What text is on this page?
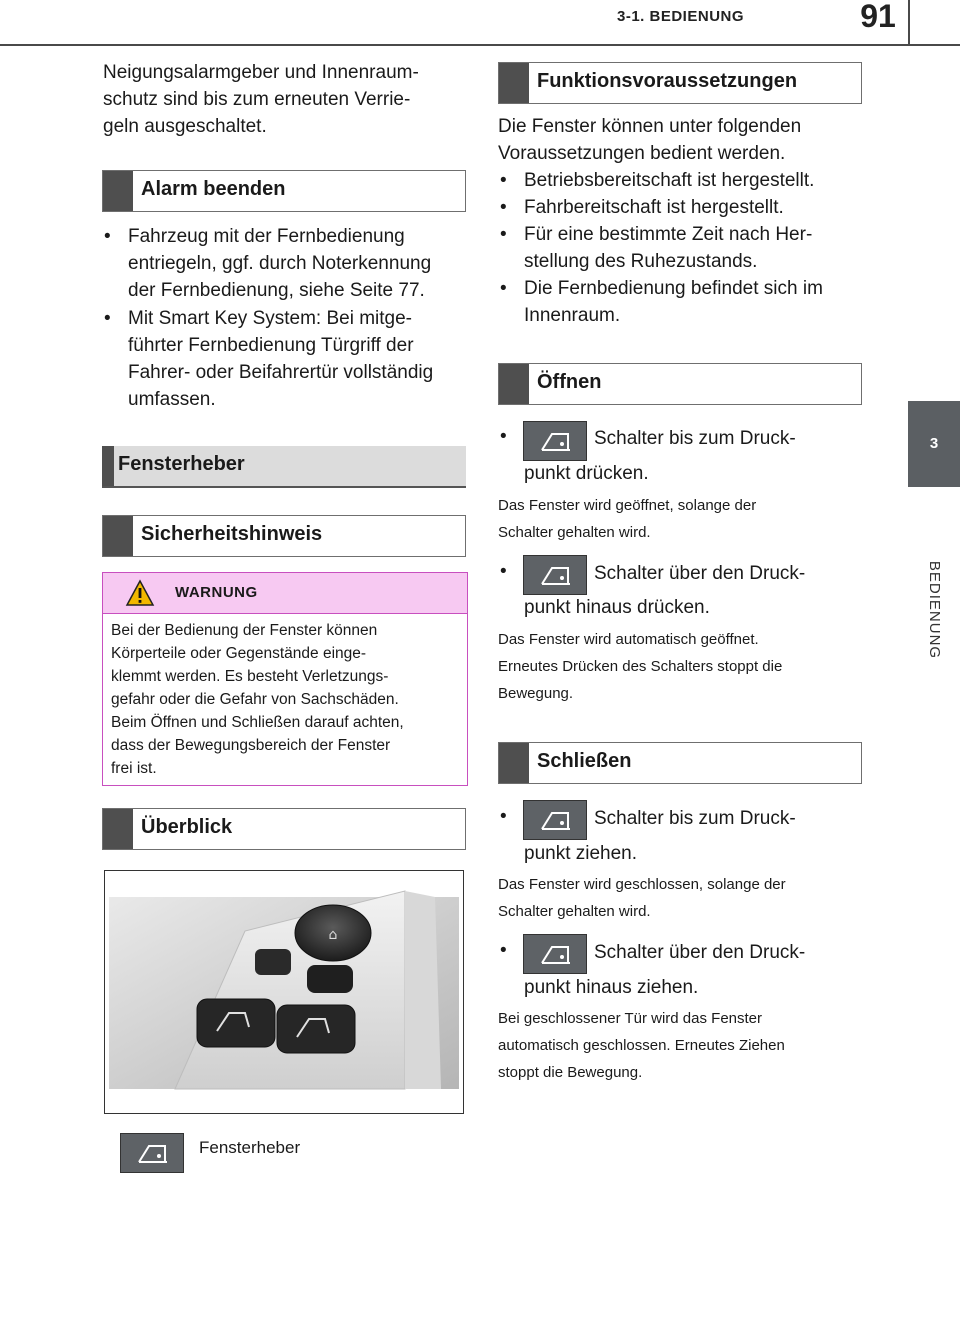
3-1. BEDIENUNG	91
3
BEDIENUNG
Neigungsalarmgeber und Innenraum-
schutz sind bis zum erneuten Verrie-
geln ausgeschaltet.
Alarm beenden
• Fahrzeug mit der Fernbedienung
entriegeln, ggf. durch Noterkennung
der Fernbedienung, siehe Seite 77.
• Mit Smart Key System: Bei mitge-
führter Fernbedienung Türgriff der
Fahrer- oder Beifahrertür vollständig
umfassen.
Fensterheber
Sicherheitshinweis
WARNUNG
Bei der Bedienung der Fenster können
Körperteile oder Gegenstände einge-
klemmt werden. Es besteht Verletzungs-
gefahr oder die Gefahr von Sachschäden.
Beim Öffnen und Schließen darauf achten,
dass der Bewegungsbereich der Fenster
frei ist.
Überblick
⌂
Fensterheber
Funktionsvoraussetzungen
Die Fenster können unter folgenden
Voraussetzungen bedient werden.
• Betriebsbereitschaft ist hergestellt.
• Fahrbereitschaft ist hergestellt.
• Für eine bestimmte Zeit nach Her-
stellung des Ruhezustands.
• Die Fernbedienung befindet sich im
Innenraum.
Öffnen
•	Schalter bis zum Druck-
punkt drücken.
Das Fenster wird geöffnet, solange der
Schalter gehalten wird.
•	Schalter über den Druck-
punkt hinaus drücken.
Das Fenster wird automatisch geöffnet.
Erneutes Drücken des Schalters stoppt die
Bewegung.
Schließen
•	Schalter bis zum Druck-
punkt ziehen.
Das Fenster wird geschlossen, solange der
Schalter gehalten wird.
•	Schalter über den Druck-
punkt hinaus ziehen.
Bei geschlossener Tür wird das Fenster
automatisch geschlossen. Erneutes Ziehen
stoppt die Bewegung.
